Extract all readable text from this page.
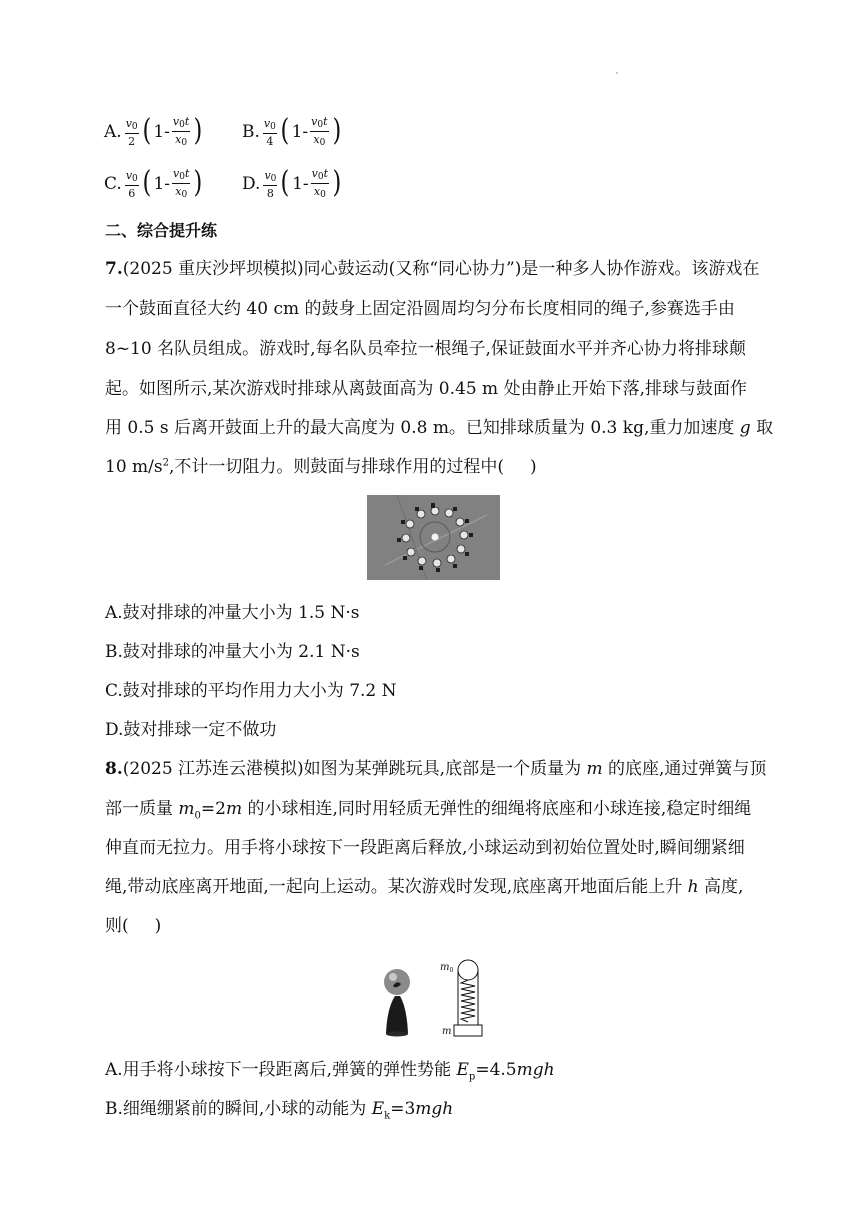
A. $\frac{v_0}{2}$ ( $1- \frac{v_0t}{x_0}$ ) B. $\frac{v_0}{4}$ ( $1- \frac{v_0t}{x_0}$ )
C. $\frac{v_0}{6}$ ( $1- \frac{v_0t}{x_0}$ ) D. $\frac{v_0}{8}$ ( $1- \frac{v_0t}{x_0}$ )
二、综合提升练
7.(2025 重庆沙坪坝模拟)同心鼓运动(又称“同心协力”)是一种多人协作游戏。该游戏在
一个鼓面直径大约 40 cm 的鼓身上固定沿圆周均匀分布长度相同的绳子,参赛选手由
8~10 名队员组成。游戏时,每名队员牵拉一根绳子,保证鼓面水平并齐心协力将排球颠
起。如图所示,某次游戏时排球从离鼓面高为 0.45 m 处由静止开始下落,排球与鼓面作
用 0.5 s 后离开鼓面上升的最大高度为 0.8 m。已知排球质量为 0.3 kg,重力加速度 g 取
10 $m/s^2$,不计一切阻力。则鼓面与排球作用的过程中( )
A.鼓对排球的冲量大小为 1.5 N·s
B.鼓对排球的冲量大小为 2.1 N·s
C.鼓对排球的平均作用力大小为 7.2 N
D.鼓对排球一定不做功
8.(2025 江苏连云港模拟)如图为某弹跳玩具,底部是一个质量为 m 的底座,通过弹簧与顶
部一质量 $m_0=2m$ 的小球相连,同时用轻质无弹性的细绳将底座和小球连接,稳定时细绳
伸直而无拉力。用手将小球按下一段距离后释放,小球运动到初始位置处时,瞬间绷紧细
绳,带动底座离开地面,一起向上运动。某次游戏时发现,底座离开地面后能上升 h 高度,
则( )
$m_0$
m
A.用手将小球按下一段距离后,弹簧的弹性势能 $E_p=4.5mgh$
B.细绳绷紧前的瞬间,小球的动能为 $E_k=3mgh$
